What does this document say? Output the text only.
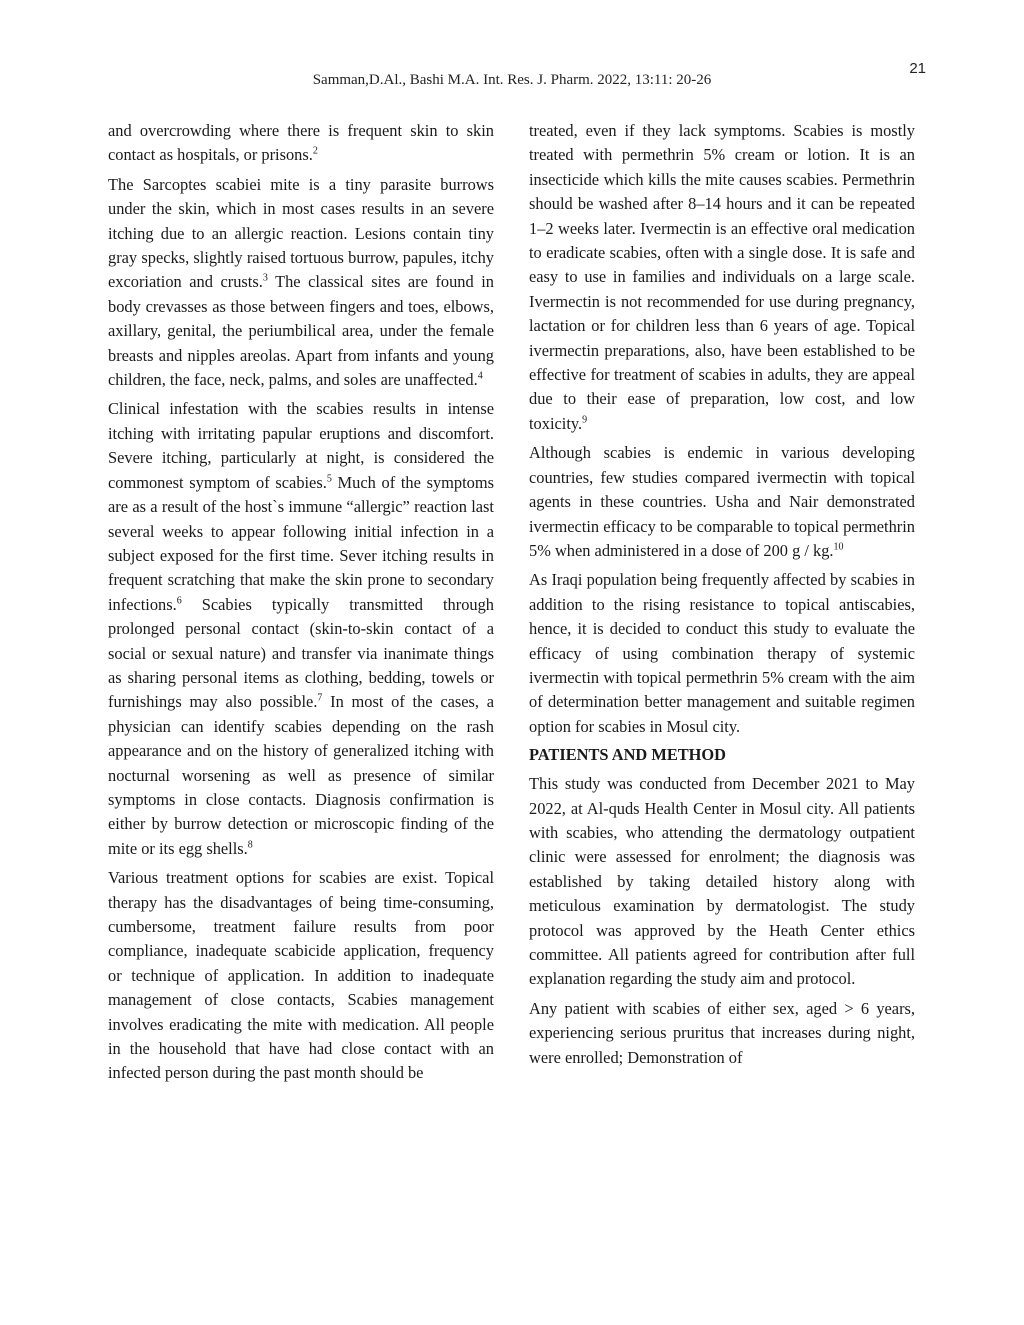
21
Samman,D.Al., Bashi M.A. Int. Res. J. Pharm. 2022, 13:11: 20-26

and overcrowding where there is frequent skin to skin contact as hospitals, or prisons.$^2$

The Sarcoptes scabiei mite is a tiny parasite burrows under the skin, which in most cases results in an severe itching due to an allergic reaction. Lesions contain tiny gray specks, slightly raised tortuous burrow, papules, itchy excoriation and crusts.$^3$ The classical sites are found in body crevasses as those between fingers and toes, elbows, axillary, genital, the periumbilical area, under the female breasts and nipples areolas. Apart from infants and young children, the face, neck, palms, and soles are unaffected.$^4$

Clinical infestation with the scabies results in intense itching with irritating papular eruptions and discomfort. Severe itching, particularly at night, is considered the commonest symptom of scabies.$^5$ Much of the symptoms are as a result of the host`s immune “allergic” reaction last several weeks to appear following initial infection in a subject exposed for the first time. Sever itching results in frequent scratching that make the skin prone to secondary infections.$^6$ Scabies typically transmitted through prolonged personal contact (skin-to-skin contact of a social or sexual nature) and transfer via inanimate things as sharing personal items as clothing, bedding, towels or furnishings may also possible.$^7$ In most of the cases, a physician can identify scabies depending on the rash appearance and on the history of generalized itching with nocturnal worsening as well as presence of similar symptoms in close contacts. Diagnosis confirmation is either by burrow detection or microscopic finding of the mite or its egg shells.$^8$

Various treatment options for scabies are exist. Topical therapy has the disadvantages of being time-consuming, cumbersome, treatment failure results from poor compliance, inadequate scabicide application, frequency or technique of application. In addition to inadequate management of close contacts, Scabies management involves eradicating the mite with medication. All people in the household that have had close contact with an infected person during the past month should be

treated, even if they lack symptoms. Scabies is mostly treated with permethrin 5% cream or lotion. It is an insecticide which kills the mite causes scabies. Permethrin should be washed after 8–14 hours and it can be repeated 1–2 weeks later. Ivermectin is an effective oral medication to eradicate scabies, often with a single dose. It is safe and easy to use in families and individuals on a large scale. Ivermectin is not recommended for use during pregnancy, lactation or for children less than 6 years of age. Topical ivermectin preparations, also, have been established to be effective for treatment of scabies in adults, they are appeal due to their ease of preparation, low cost, and low toxicity.$^9$

Although scabies is endemic in various developing countries, few studies compared ivermectin with topical agents in these countries. Usha and Nair demonstrated ivermectin efficacy to be comparable to topical permethrin 5% when administered in a dose of 200 g / kg.$^{10}$

As Iraqi population being frequently affected by scabies in addition to the rising resistance to topical antiscabies, hence, it is decided to conduct this study to evaluate the efficacy of using combination therapy of systemic ivermectin with topical permethrin 5% cream with the aim of determination better management and suitable regimen option for scabies in Mosul city.

PATIENTS AND METHOD

This study was conducted from December 2021 to May 2022, at Al-quds Health Center in Mosul city. All patients with scabies, who attending the dermatology outpatient clinic were assessed for enrolment; the diagnosis was established by taking detailed history along with meticulous examination by dermatologist. The study protocol was approved by the Heath Center ethics committee. All patients agreed for contribution after full explanation regarding the study aim and protocol.

Any patient with scabies of either sex, aged > 6 years, experiencing serious pruritus that increases during night, were enrolled; Demonstration of
